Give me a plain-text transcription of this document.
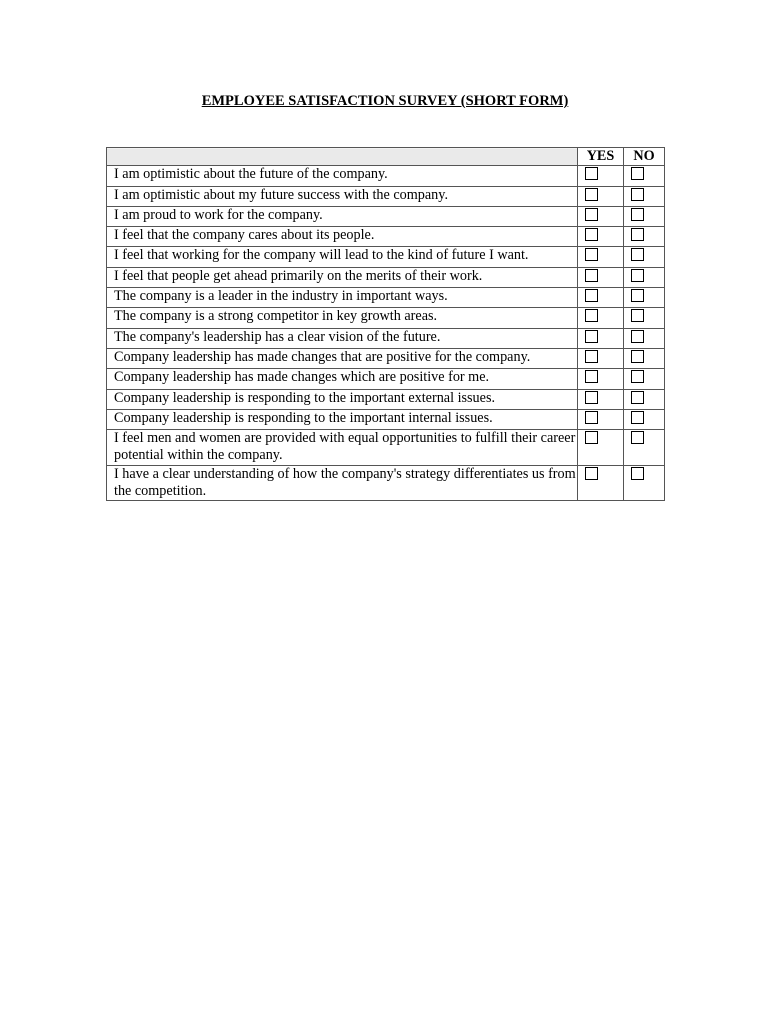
EMPLOYEE SATISFACTION SURVEY (SHORT FORM)
	YES	NO
I am optimistic about the future of the company.		
I am optimistic about my future success with the company.		
I am proud to work for the company.		
I feel that the company cares about its people.		
I feel that working for the company will lead to the kind of future I want.		
I feel that people get ahead primarily on the merits of their work.		
The company is a leader in the industry in important ways.		
The company is a strong competitor in key growth areas.		
The company's leadership has a clear vision of the future.		
Company leadership has made changes that are positive for the company.		
Company leadership has made changes which are positive for me.		
Company leadership is responding to the important external issues.		
Company leadership is responding to the important internal issues.		
I feel men and women are provided with equal opportunities to fulfill their career potential within the company.		
I have a clear understanding of how the company's strategy differentiates us from the competition.		
